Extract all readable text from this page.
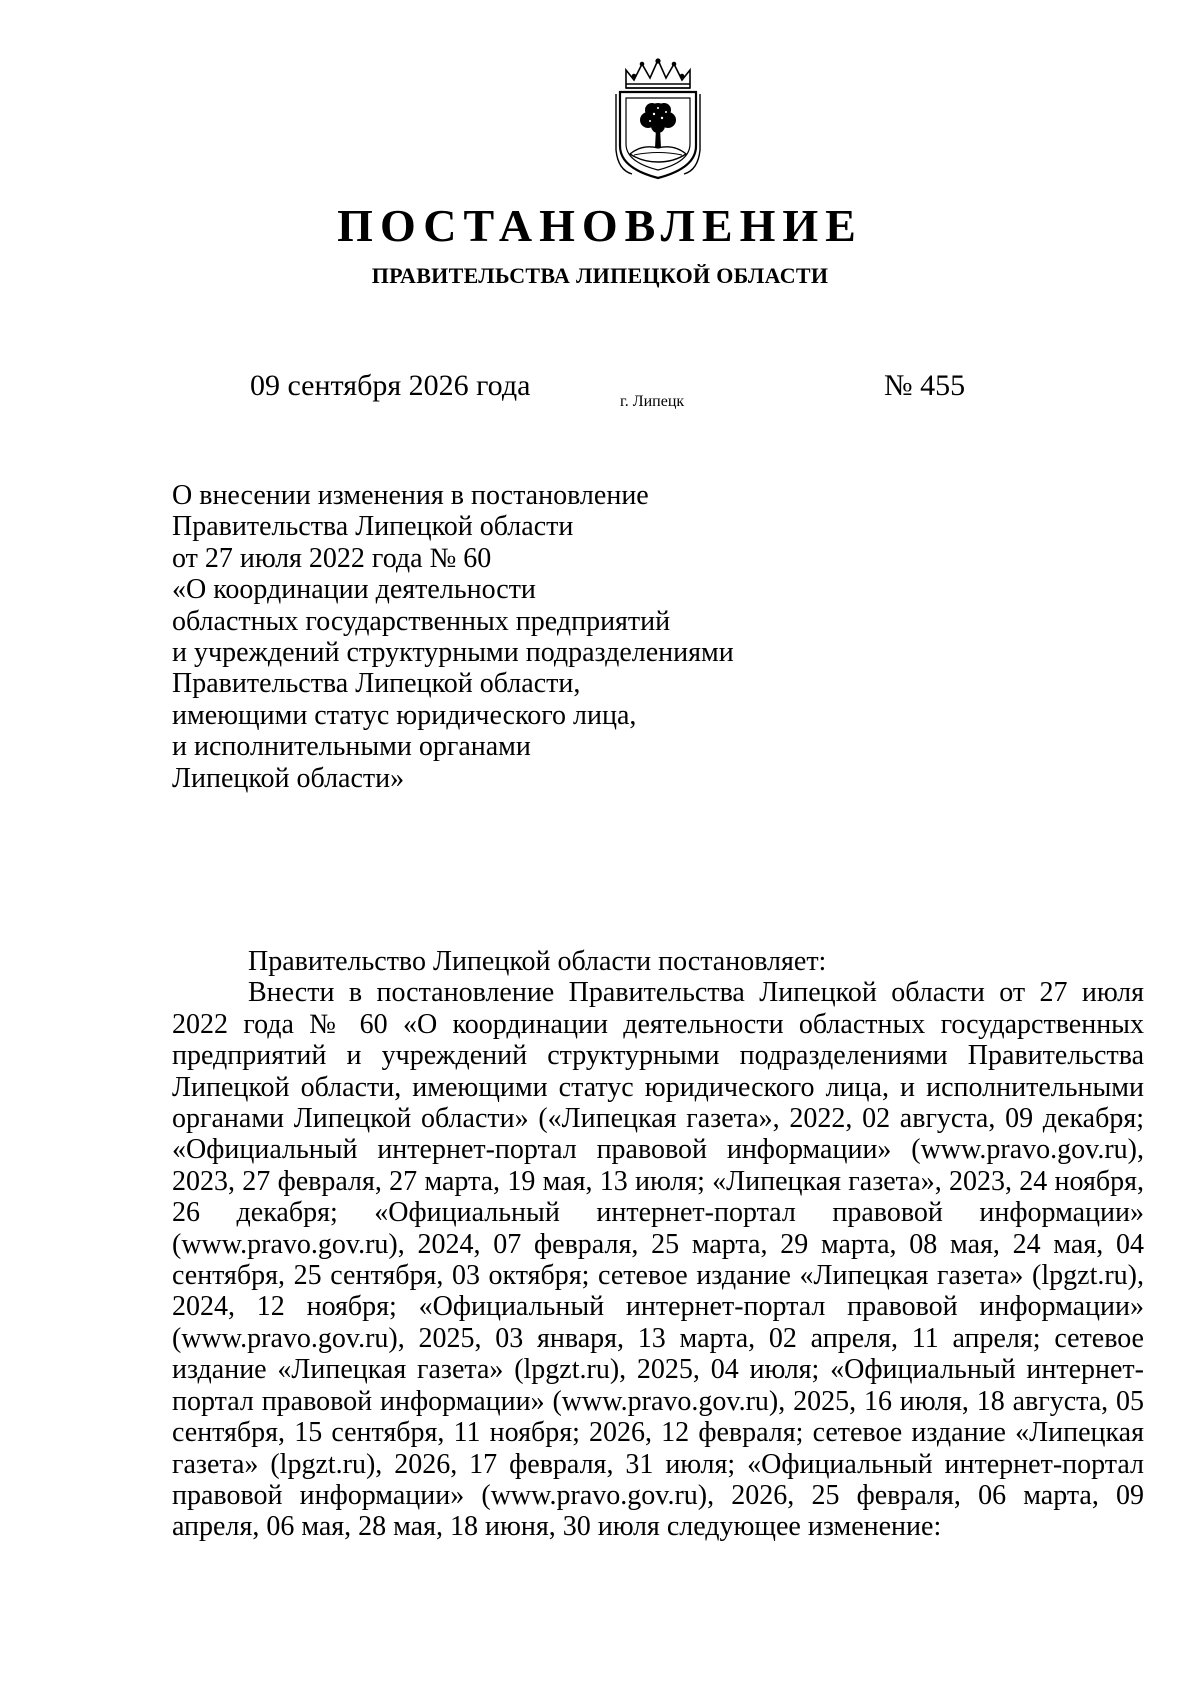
ПОСТАНОВЛЕНИЕ
ПРАВИТЕЛЬСТВА ЛИПЕЦКОЙ ОБЛАСТИ
09 сентября 2026 года	г. Липецк	№ 455
О внесении изменения в постановление
Правительства Липецкой области
от 27 июля 2022 года № 60
«О координации деятельности
областных государственных предприятий
и учреждений структурными подразделениями
Правительства Липецкой области,
имеющими статус юридического лица,
и исполнительными органами
Липецкой области»

Правительство Липецкой области постановляет:

Внести в постановление Правительства Липецкой области от 27 июля 2022 года № 60 «О координации деятельности областных государственных предприятий и учреждений структурными подразделениями Правительства Липецкой области, имеющими статус юридического лица, и исполнительными органами Липецкой области» («Липецкая газета», 2022, 02 августа, 09 декабря; «Официальный интернет-портал правовой информации» (www.pravo.gov.ru), 2023, 27 февраля, 27 марта, 19 мая, 13 июля; «Липецкая газета», 2023, 24 ноября, 26 декабря; «Официальный интернет-портал правовой информации» (www.pravo.gov.ru), 2024, 07 февраля, 25 марта, 29 марта, 08 мая, 24 мая, 04 сентября, 25 сентября, 03 октября; сетевое издание «Липецкая газета» (lpgzt.ru), 2024, 12 ноября; «Официальный интернет-портал правовой информации» (www.pravo.gov.ru), 2025, 03 января, 13 марта, 02 апреля, 11 апреля; сетевое издание «Липецкая газета» (lpgzt.ru), 2025, 04 июля; «Официальный интернет-портал правовой информации» (www.pravo.gov.ru), 2025, 16 июля, 18 августа, 05 сентября, 15 сентября, 11 ноября; 2026, 12 февраля; сетевое издание «Липецкая газета» (lpgzt.ru), 2026, 17 февраля, 31 июля; «Официальный интернет-портал правовой информации» (www.pravo.gov.ru), 2026, 25 февраля, 06 марта, 09 апреля, 06 мая, 28 мая, 18 июня, 30 июля следующее изменение:
